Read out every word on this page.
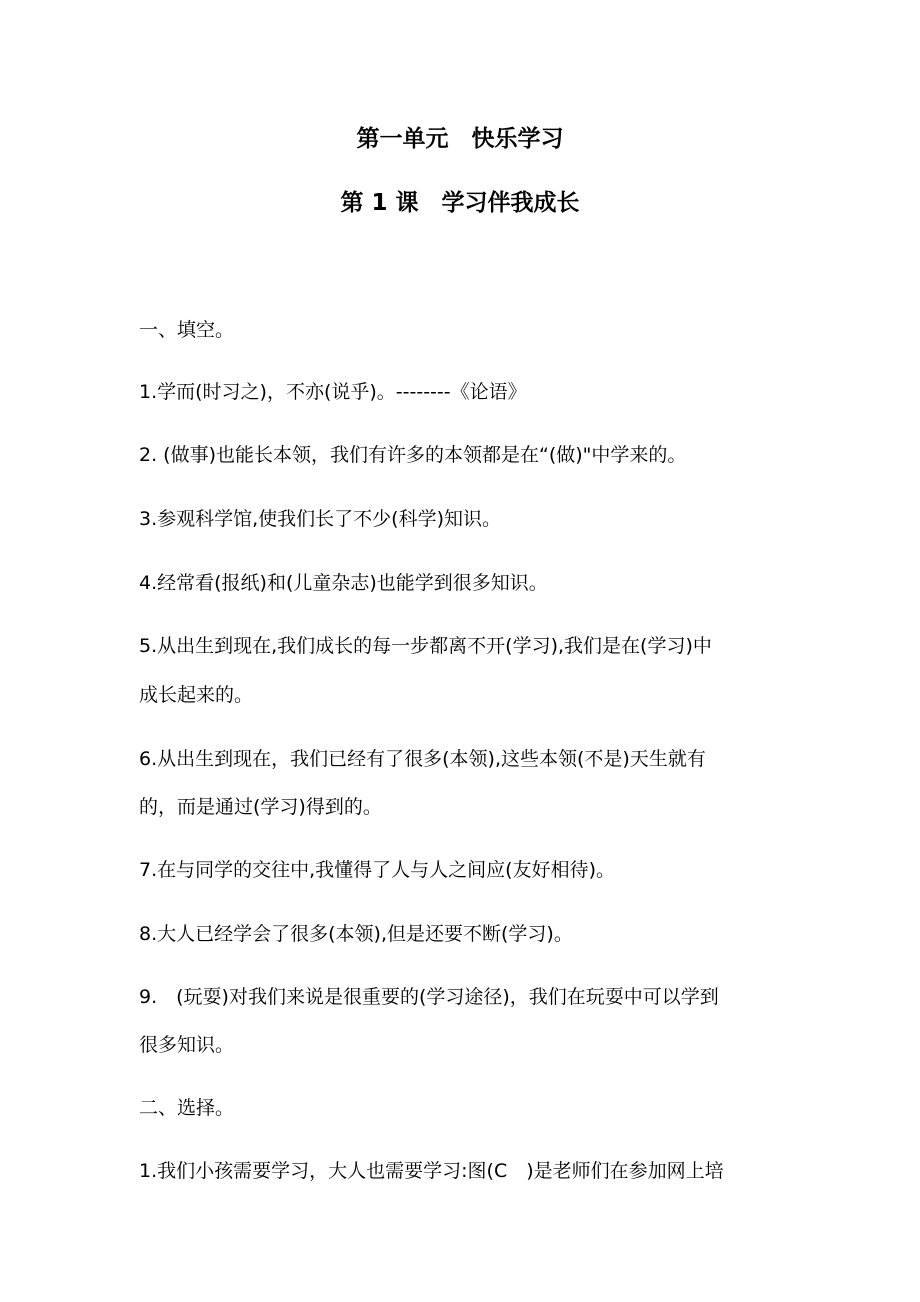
第一单元　快乐学习
第 1 课　学习伴我成长
一、填空。
1.学而(时习之)，不亦(说乎)。--------《论语》
2. (做事)也能长本领，我们有许多的本领都是在“(做)"中学来的。
3.参观科学馆,使我们长了不少(科学)知识。
4.经常看(报纸)和(儿童杂志)也能学到很多知识。
5.从出生到现在,我们成长的每一步都离不开(学习),我们是在(学习)中
成长起来的。
6.从出生到现在，我们已经有了很多(本领),这些本领(不是)天生就有
的，而是通过(学习)得到的。
7.在与同学的交往中,我懂得了人与人之间应(友好相待)。
8.大人已经学会了很多(本领),但是还要不断(学习)。
9.　(玩耍)对我们来说是很重要的(学习途径)，我们在玩耍中可以学到
很多知识。
二、选择。
1.我们小孩需要学习，大人也需要学习:图(C　)是老师们在参加网上培
